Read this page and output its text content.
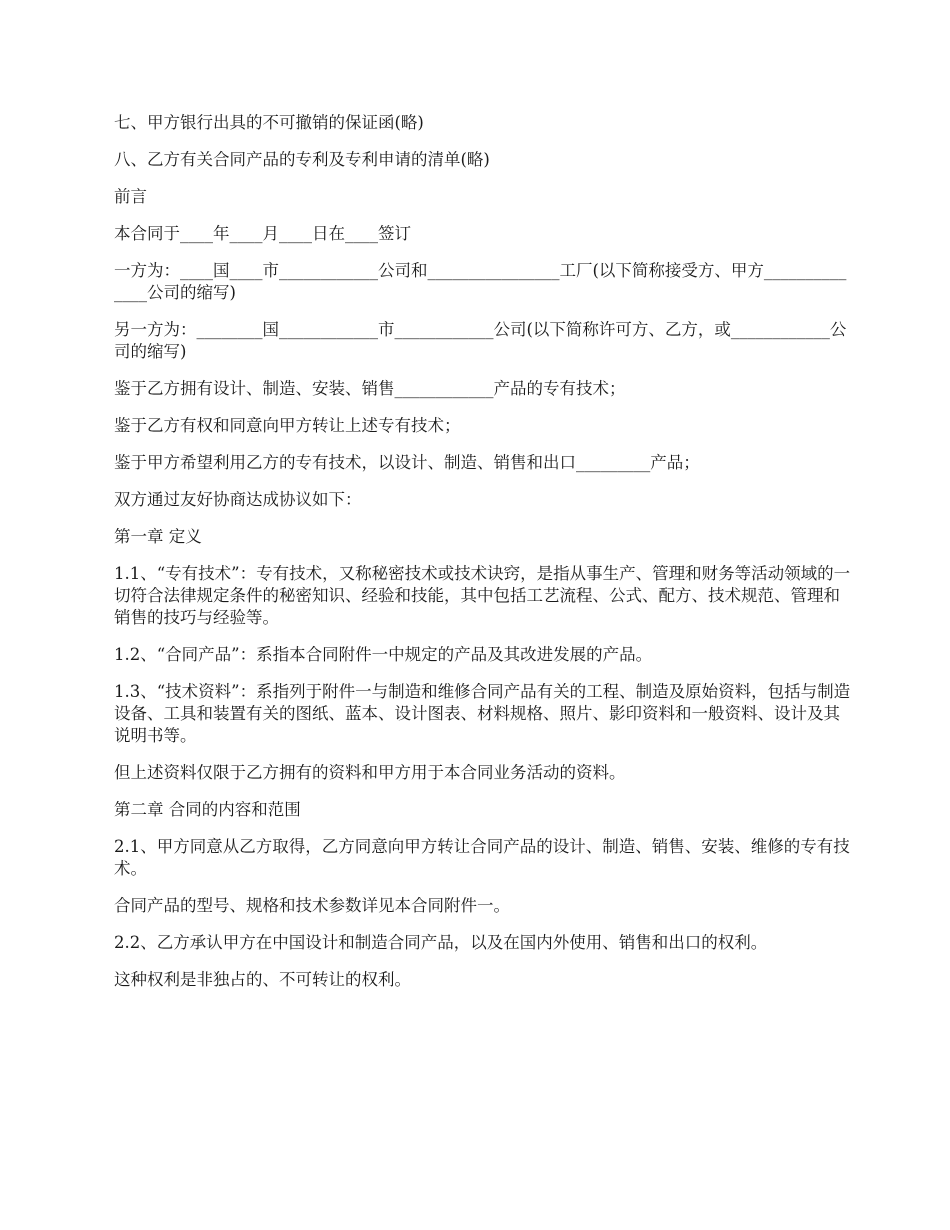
七、甲方银行出具的不可撤销的保证函(略)

八、乙方有关合同产品的专利及专利申请的清单(略)

前言

本合同于____年____月____日在____签订

一方为：____国____市____________公司和________________工厂(以下简称接受方、甲方______________公司的缩写)

另一方为：________国____________市____________公司(以下简称许可方、乙方，或____________公司的缩写)

鉴于乙方拥有设计、制造、安装、销售____________产品的专有技术；

鉴于乙方有权和同意向甲方转让上述专有技术；

鉴于甲方希望利用乙方的专有技术，以设计、制造、销售和出口_________产品；

双方通过友好协商达成协议如下：

第一章 定义

1.1、“专有技术”：专有技术，又称秘密技术或技术诀窍，是指从事生产、管理和财务等活动领域的一切符合法律规定条件的秘密知识、经验和技能，其中包括工艺流程、公式、配方、技术规范、管理和销售的技巧与经验等。

1.2、“合同产品”：系指本合同附件一中规定的产品及其改进发展的产品。

1.3、“技术资料”：系指列于附件一与制造和维修合同产品有关的工程、制造及原始资料，包括与制造设备、工具和装置有关的图纸、蓝本、设计图表、材料规格、照片、影印资料和一般资料、设计及其说明书等。

但上述资料仅限于乙方拥有的资料和甲方用于本合同业务活动的资料。

第二章 合同的内容和范围

2.1、甲方同意从乙方取得，乙方同意向甲方转让合同产品的设计、制造、销售、安装、维修的专有技术。

合同产品的型号、规格和技术参数详见本合同附件一。

2.2、乙方承认甲方在中国设计和制造合同产品，以及在国内外使用、销售和出口的权利。

这种权利是非独占的、不可转让的权利。
